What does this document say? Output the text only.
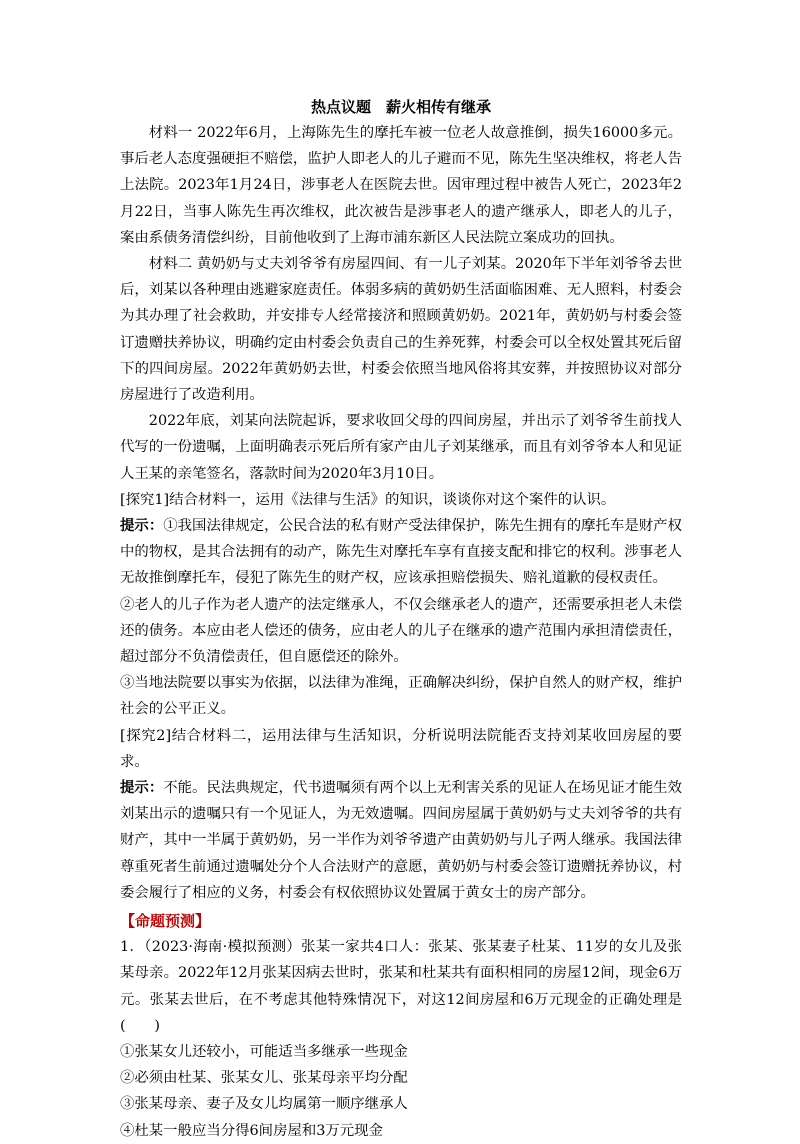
热点议题　薪火相传有继承

材料一 2022年6月，上海陈先生的摩托车被一位老人故意推倒，损失16000多元。事后老人态度强硬拒不赔偿，监护人即老人的儿子避而不见，陈先生坚决维权，将老人告上法院。2023年1月24日，涉事老人在医院去世。因审理过程中被告人死亡，2023年2月22日，当事人陈先生再次维权，此次被告是涉事老人的遗产继承人，即老人的儿子，案由系债务清偿纠纷，目前他收到了上海市浦东新区人民法院立案成功的回执。

材料二 黄奶奶与丈夫刘爷爷有房屋四间、有一儿子刘某。2020年下半年刘爷爷去世后，刘某以各种理由逃避家庭责任。体弱多病的黄奶奶生活面临困难、无人照料，村委会为其办理了社会救助，并安排专人经常接济和照顾黄奶奶。2021年，黄奶奶与村委会签订遗赠扶养协议，明确约定由村委会负责自己的生养死葬，村委会可以全权处置其死后留下的四间房屋。2022年黄奶奶去世，村委会依照当地风俗将其安葬，并按照协议对部分房屋进行了改造利用。

2022年底，刘某向法院起诉，要求收回父母的四间房屋，并出示了刘爷爷生前找人代写的一份遗嘱，上面明确表示死后所有家产由儿子刘某继承，而且有刘爷爷本人和见证人王某的亲笔签名，落款时间为2020年3月10日。

[探究1]结合材料一，运用《法律与生活》的知识，谈谈你对这个案件的认识。

提示：①我国法律规定，公民合法的私有财产受法律保护，陈先生拥有的摩托车是财产权中的物权，是其合法拥有的动产，陈先生对摩托车享有直接支配和排它的权利。涉事老人无故推倒摩托车，侵犯了陈先生的财产权，应该承担赔偿损失、赔礼道歉的侵权责任。

②老人的儿子作为老人遗产的法定继承人，不仅会继承老人的遗产，还需要承担老人未偿还的债务。本应由老人偿还的债务，应由老人的儿子在继承的遗产范围内承担清偿责任，超过部分不负清偿责任，但自愿偿还的除外。

③当地法院要以事实为依据，以法律为准绳，正确解决纠纷，保护自然人的财产权，维护社会的公平正义。

[探究2]结合材料二，运用法律与生活知识，分析说明法院能否支持刘某收回房屋的要求。

提示：不能。民法典规定，代书遗嘱须有两个以上无利害关系的见证人在场见证才能生效刘某出示的遗嘱只有一个见证人，为无效遗嘱。四间房屋属于黄奶奶与丈夫刘爷爷的共有财产，其中一半属于黄奶奶，另一半作为刘爷爷遗产由黄奶奶与儿子两人继承。我国法律尊重死者生前通过遗嘱处分个人合法财产的意愿，黄奶奶与村委会签订遗赠抚养协议，村委会履行了相应的义务，村委会有权依照协议处置属于黄女士的房产部分。

【命题预测】

1．（2023·海南·模拟预测）张某一家共4口人：张某、张某妻子杜某、11岁的女儿及张某母亲。2022年12月张某因病去世时，张某和杜某共有面积相同的房屋12间，现金6万元。张某去世后，在不考虑其他特殊情况下，对这12间房屋和6万元现金的正确处理是(　　)

①张某女儿还较小，可能适当多继承一些现金

②必须由杜某、张某女儿、张某母亲平均分配

③张某母亲、妻子及女儿均属第一顺序继承人

④杜某一般应当分得6间房屋和3万元现金
